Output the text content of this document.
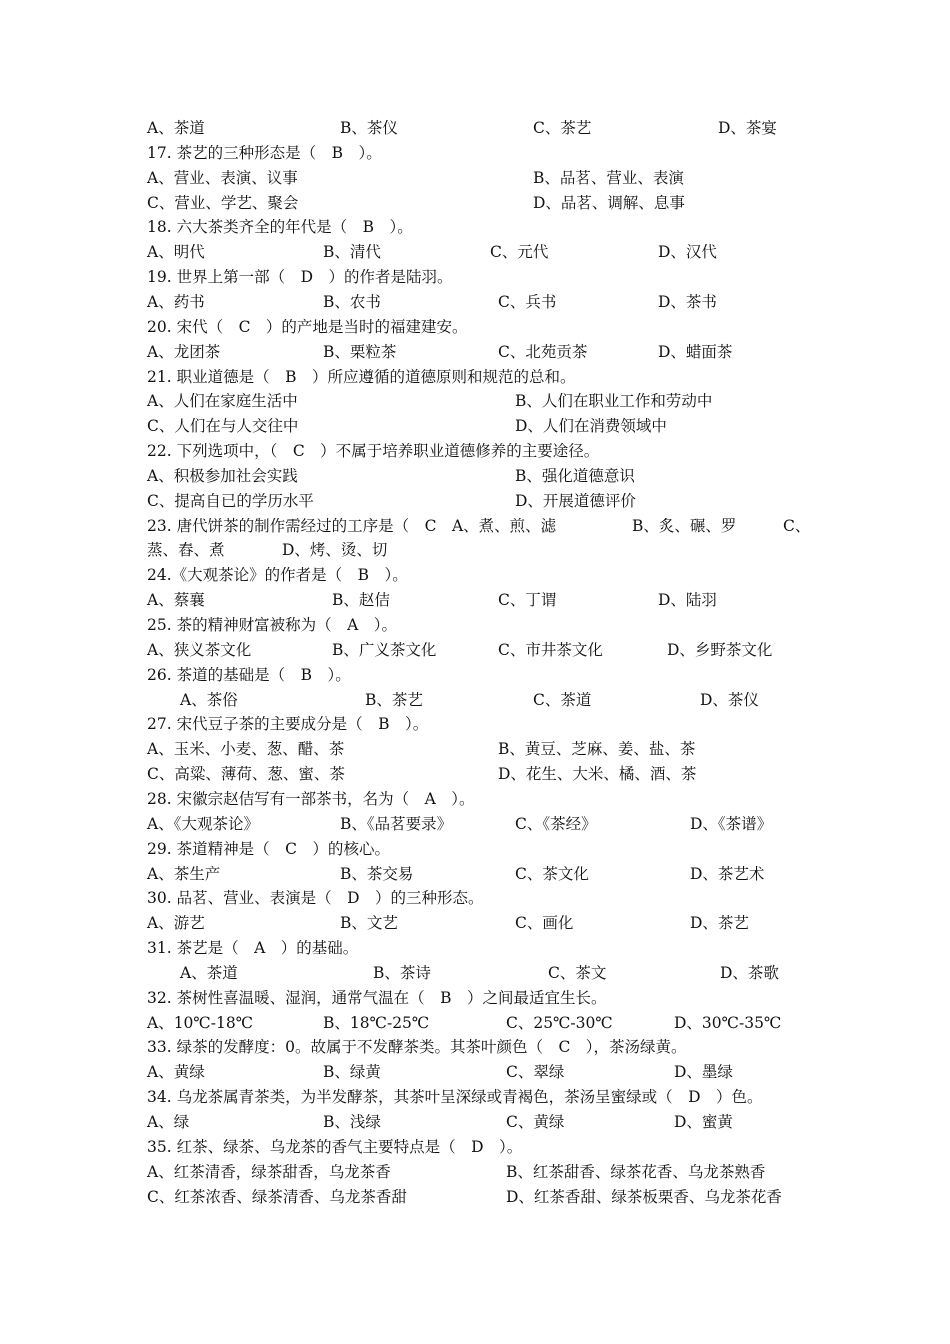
A、茶道	B、茶仪	C、茶艺	D、茶宴
17. 茶艺的三种形态是（　B　）。
A、营业、表演、议事	B、品茗、营业、表演
C、营业、学艺、聚会	D、品茗、调解、息事
18. 六大茶类齐全的年代是（　B　）。
A、明代	B、清代	C、元代	D、汉代
19. 世界上第一部（　D　）的作者是陆羽。
A、药书	B、农书	C、兵书	D、茶书
20. 宋代（　C　）的产地是当时的福建建安。
A、龙团茶	B、栗粒茶	C、北苑贡茶	D、蜡面茶
21. 职业道德是（　B　）所应遵循的道德原则和规范的总和。
A、人们在家庭生活中	B、人们在职业工作和劳动中
C、人们在与人交往中	D、人们在消费领域中
22. 下列选项中，（　C　）不属于培养职业道德修养的主要途径。
A、积极参加社会实践	B、强化道德意识
C、提高自已的学历水平	D、开展道德评价
23. 唐代饼茶的制作需经过的工序是（　C　A、煮、煎、滤	B、炙、碾、罗	C、
蒸、舂、煮	D、烤、烫、切
24.《大观茶论》的作者是（　B　）。
A、蔡襄	B、赵佶	C、丁谓	D、陆羽
25. 茶的精神财富被称为（　A　）。
A、狭义茶文化	B、广义茶文化	C、市井茶文化	D、乡野茶文化
26. 茶道的基础是（　B　）。
A、茶俗	B、茶艺	C、茶道	D、茶仪
27. 宋代豆子茶的主要成分是（　B　）。
A、玉米、小麦、葱、醋、茶	B、黄豆、芝麻、姜、盐、茶
C、高粱、薄荷、葱、蜜、茶	D、花生、大米、橘、酒、茶
28. 宋徽宗赵佶写有一部茶书，名为（　A　）。
A、《大观茶论》	B、《品茗要录》	C、《茶经》	D、《茶谱》
29. 茶道精神是（　C　）的核心。
A、茶生产	B、茶交易	C、茶文化	D、茶艺术
30. 品茗、营业、表演是（　D　）的三种形态。
A、游艺	B、文艺	C、画化	D、茶艺
31. 茶艺是（　A　）的基础。
A、茶道	B、茶诗	C、茶文	D、茶歌
32. 茶树性喜温暖、湿润，通常气温在（　B　）之间最适宜生长。
A、10℃-18℃	B、18℃-25℃	C、25℃-30℃	D、30℃-35℃
33. 绿茶的发酵度：0。故属于不发酵茶类。其茶叶颜色（　C　），茶汤绿黄。
A、黄绿	B、绿黄	C、翠绿	D、墨绿
34. 乌龙茶属青茶类，为半发酵茶，其茶叶呈深绿或青褐色，茶汤呈蜜绿或（　D　）色。
A、绿	B、浅绿	C、黄绿	D、蜜黄
35. 红茶、绿茶、乌龙茶的香气主要特点是（　D　）。
A、红茶清香，绿茶甜香，乌龙茶香	B、红茶甜香、绿茶花香、乌龙茶熟香
C、红茶浓香、绿茶清香、乌龙茶香甜	D、红茶香甜、绿茶板栗香、乌龙茶花香
